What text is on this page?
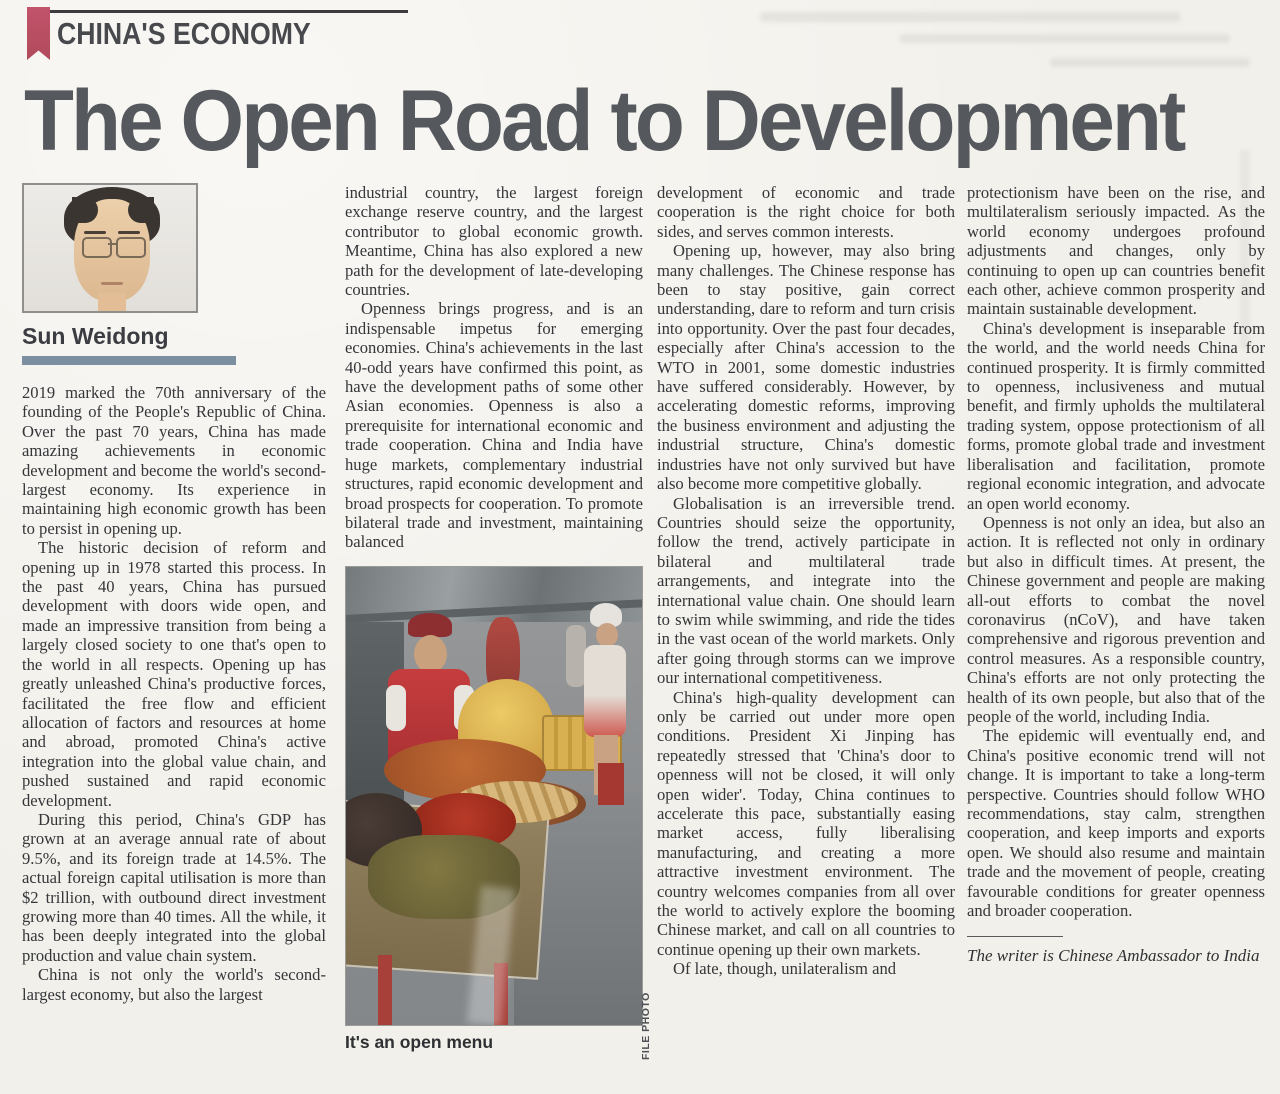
CHINA'S ECONOMY
The Open Road to Development
Sun Weidong

2019 marked the 70th anniversary of the founding of the People's Republic of China. Over the past 70 years, China has made amazing achievements in economic development and become the world's second-largest economy. Its experience in maintaining high economic growth has been to persist in opening up.

The historic decision of reform and opening up in 1978 started this process. In the past 40 years, China has pursued development with doors wide open, and made an impressive transition from being a largely closed society to one that's open to the world in all respects. Opening up has greatly unleashed China's productive forces, facilitated the free flow and efficient allocation of factors and resources at home and abroad, promoted China's active integration into the global value chain, and pushed sustained and rapid economic development.

During this period, China's GDP has grown at an average annual rate of about 9.5%, and its foreign trade at 14.5%. The actual foreign capital utilisation is more than $2 trillion, with outbound direct investment growing more than 40 times. All the while, it has been deeply integrated into the global production and value chain system.

China is not only the world's second-largest economy, but also the largest

industrial country, the largest foreign exchange reserve country, and the largest contributor to global economic growth. Meantime, China has also explored a new path for the development of late-developing countries.

Openness brings progress, and is an indispensable impetus for emerging economies. China's achievements in the last 40-odd years have confirmed this point, as have the development paths of some other Asian economies. Openness is also a prerequisite for international economic and trade cooperation. China and India have huge markets, complementary industrial structures, rapid economic development and broad prospects for cooperation. To promote bilateral trade and investment, maintaining balanced

It's an open menu	FILE PHOTO

development of economic and trade cooperation is the right choice for both sides, and serves common interests.

Opening up, however, may also bring many challenges. The Chinese response has been to stay positive, gain correct understanding, dare to reform and turn crisis into opportunity. Over the past four decades, especially after China's accession to the WTO in 2001, some domestic industries have suffered considerably. However, by accelerating domestic reforms, improving the business environment and adjusting the industrial structure, China's domestic industries have not only survived but have also become more competitive globally.

Globalisation is an irreversible trend. Countries should seize the opportunity, follow the trend, actively participate in bilateral and multilateral trade arrangements, and integrate into the international value chain. One should learn to swim while swimming, and ride the tides in the vast ocean of the world markets. Only after going through storms can we improve our international competitiveness.

China's high-quality development can only be carried out under more open conditions. President Xi Jinping has repeatedly stressed that 'China's door to openness will not be closed, it will only open wider'. Today, China continues to accelerate this pace, substantially easing market access, fully liberalising manufacturing, and creating a more attractive investment environment. The country welcomes companies from all over the world to actively explore the booming Chinese market, and call on all countries to continue opening up their own markets.

Of late, though, unilateralism and

protectionism have been on the rise, and multilateralism seriously impacted. As the world economy undergoes profound adjustments and changes, only by continuing to open up can countries benefit each other, achieve common prosperity and maintain sustainable development.

China's development is inseparable from the world, and the world needs China for continued prosperity. It is firmly committed to openness, inclusiveness and mutual benefit, and firmly upholds the multilateral trading system, oppose protectionism of all forms, promote global trade and investment liberalisation and facilitation, promote regional economic integration, and advocate an open world economy.

Openness is not only an idea, but also an action. It is reflected not only in ordinary but also in difficult times. At present, the Chinese government and people are making all-out efforts to combat the novel coronavirus (nCoV), and have taken comprehensive and rigorous prevention and control measures. As a responsible country, China's efforts are not only protecting the health of its own people, but also that of the people of the world, including India.

The epidemic will eventually end, and China's positive economic trend will not change. It is important to take a long-term perspective. Countries should follow WHO recommendations, stay calm, strengthen cooperation, and keep imports and exports open. We should also resume and maintain trade and the movement of people, creating favourable conditions for greater openness and broader cooperation.

The writer is Chinese Ambassador to India
